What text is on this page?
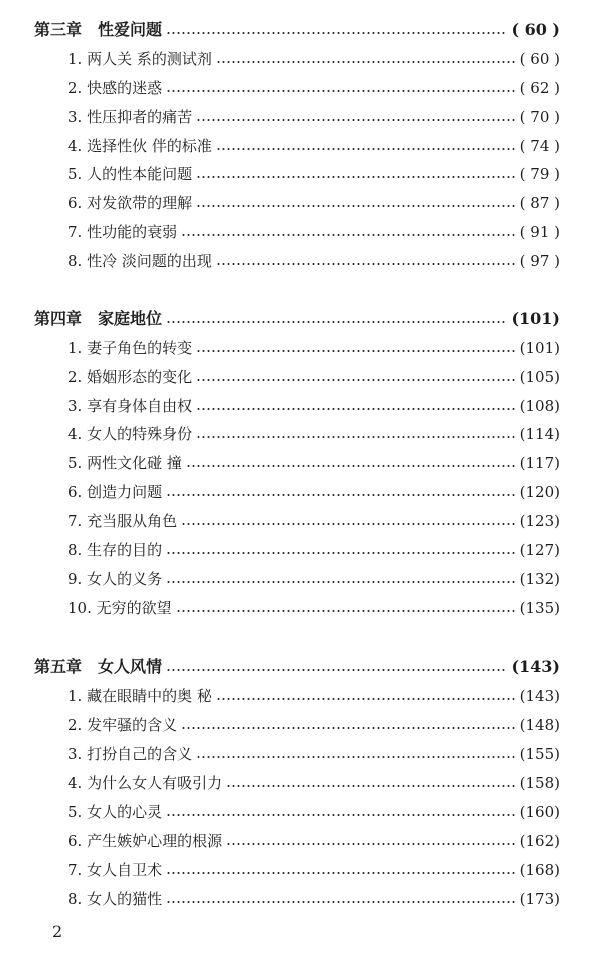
第三章　性爱问题	( 60 )
1. 两人关 系的测试剂	( 60 )
2. 快感的迷惑	( 62 )
3. 性压抑者的痛苦	( 70 )
4. 选择性伙 伴的标准	( 74 )
5. 人的性本能问题	( 79 )
6. 对发欲带的理解	( 87 )
7. 性功能的衰弱	( 91 )
8. 性冷 淡问题的出现	( 97 )
第四章　家庭地位	(101)
1. 妻子角色的转变	(101)
2. 婚姻形态的变化	(105)
3. 享有身体自由权	(108)
4. 女人的特殊身份	(114)
5. 两性文化碰 撞	(117)
6. 创造力问题	(120)
7. 充当服从角色	(123)
8. 生存的目的	(127)
9. 女人的义务	(132)
10. 无穷的欲望	(135)
第五章　女人风情	(143)
1. 藏在眼睛中的奥 秘	(143)
2. 发牢骚的含义	(148)
3. 打扮自己的含义	(155)
4. 为什么女人有吸引力	(158)
5. 女人的心灵	(160)
6. 产生嫉妒心理的根源	(162)
7. 女人自卫术	(168)
8. 女人的猫性	(173)
2
